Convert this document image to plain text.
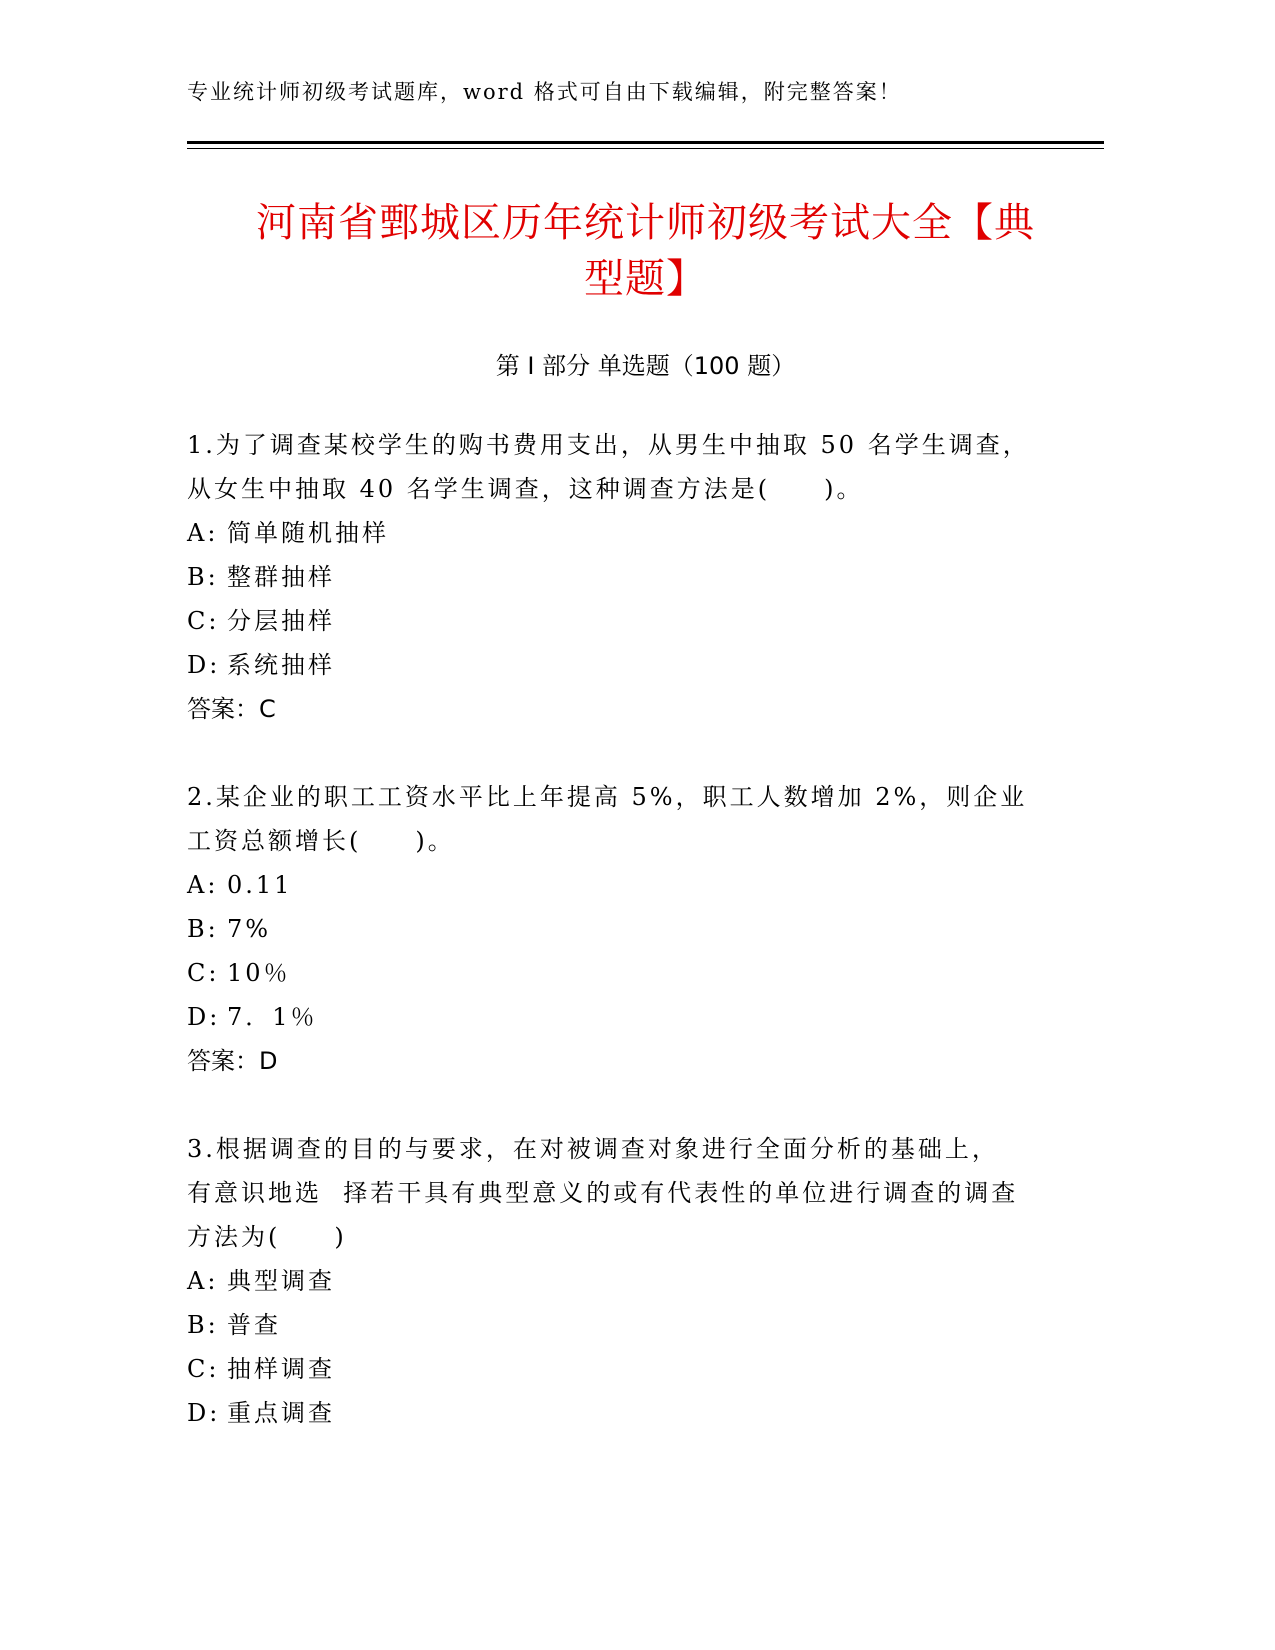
专业统计师初级考试题库，word 格式可自由下载编辑，附完整答案！
河南省鄄城区历年统计师初级考试大全【典
型题】
第 I 部分 单选题（100 题）

1.为了调查某校学生的购书费用支出，从男生中抽取 50 名学生调查，

从女生中抽取 40 名学生调查，这种调查方法是(　　)。

A: 简单随机抽样

B: 整群抽样

C: 分层抽样

D: 系统抽样

答案：C

2.某企业的职工工资水平比上年提高 5%，职工人数增加 2%，则企业

工资总额增长(　　)。

A: 0.11

B: 7%

C: 10％

D: 7．1％

答案：D

3.根据调查的目的与要求，在对被调查对象进行全面分析的基础上，

有意识地选  择若干具有典型意义的或有代表性的单位进行调查的调查

方法为(　　)

A: 典型调查

B: 普查

C: 抽样调查

D: 重点调查
